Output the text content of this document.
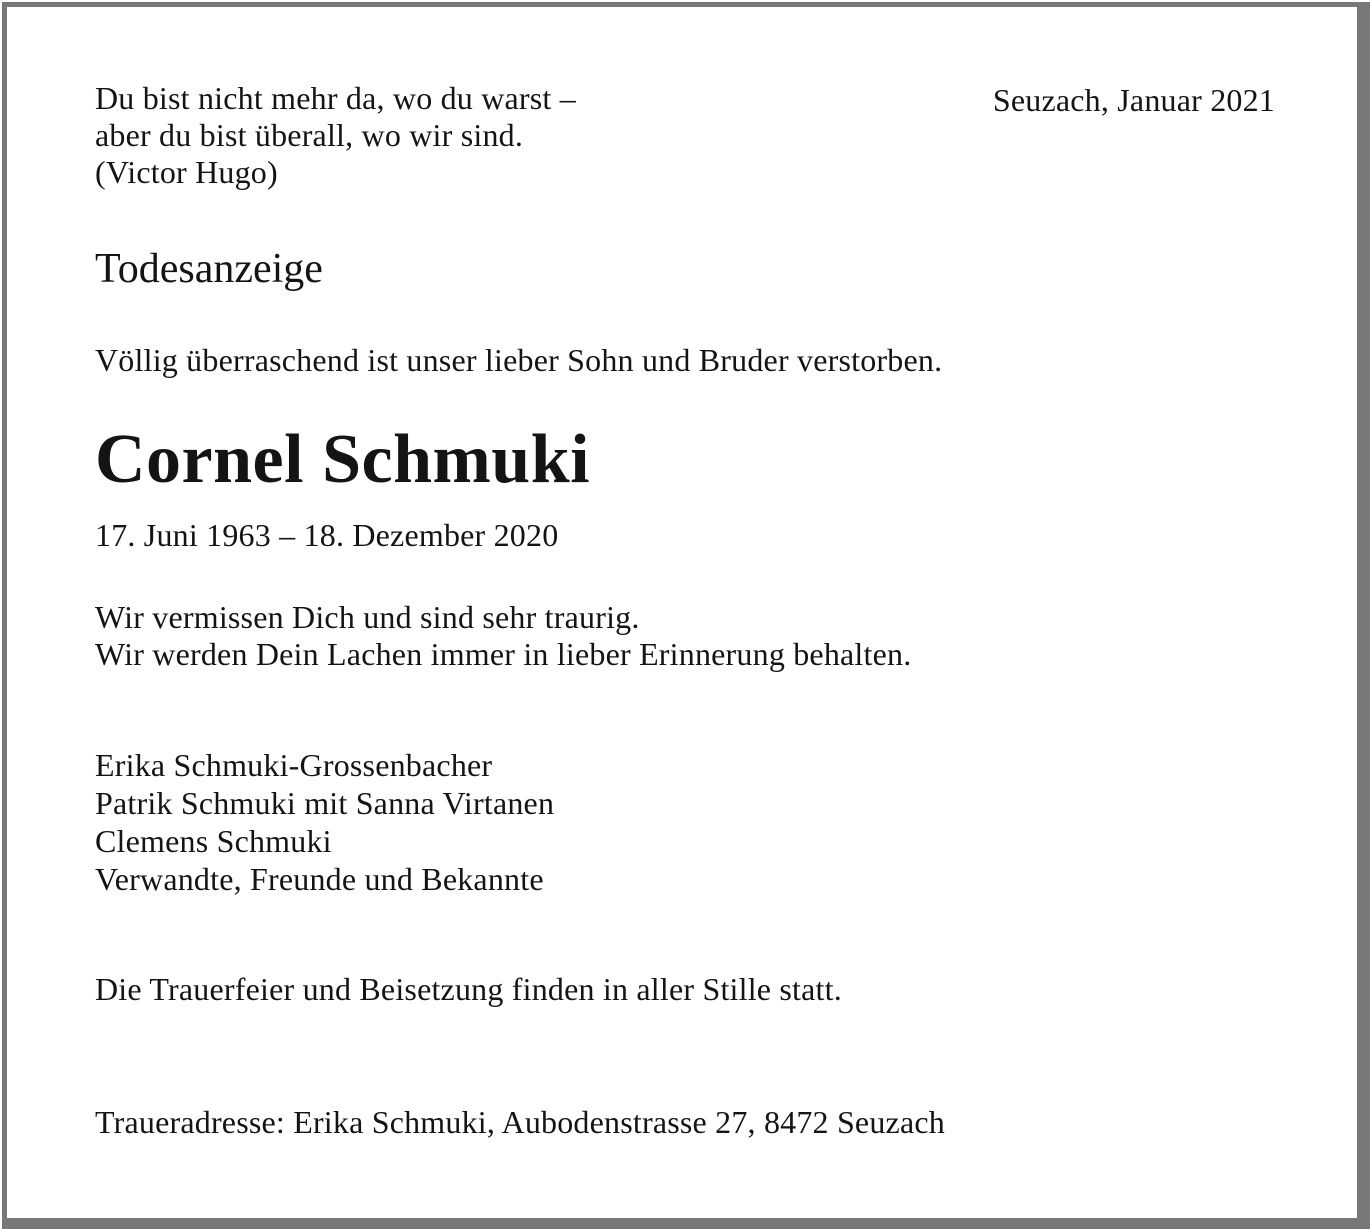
Du bist nicht mehr da, wo du warst –
aber du bist überall, wo wir sind.
(Victor Hugo)
Seuzach, Januar 2021
Todesanzeige
Völlig überraschend ist unser lieber Sohn und Bruder verstorben.
Cornel Schmuki
17. Juni 1963 – 18. Dezember 2020
Wir vermissen Dich und sind sehr traurig.
Wir werden Dein Lachen immer in lieber Erinnerung behalten.
Erika Schmuki-Grossenbacher
Patrik Schmuki mit Sanna Virtanen
Clemens Schmuki
Verwandte, Freunde und Bekannte
Die Trauerfeier und Beisetzung finden in aller Stille statt.
Traueradresse: Erika Schmuki, Aubodenstrasse 27, 8472 Seuzach
